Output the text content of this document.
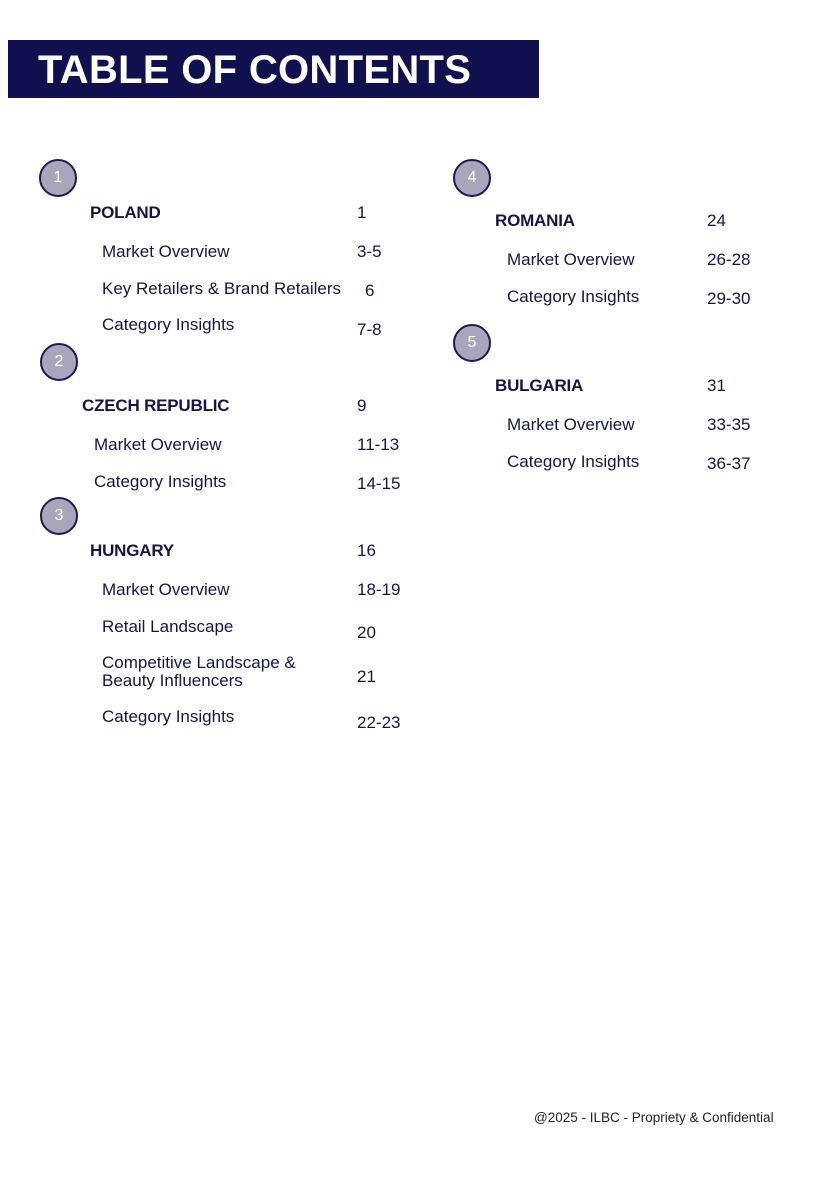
TABLE OF CONTENTS
1
POLAND	1
Market Overview	3-5
Key Retailers & Brand Retailers 6
Category Insights	7-8
2
CZECH REPUBLIC	9
Market Overview	11-13
Category Insights	14-15
3
HUNGARY	16
Market Overview	18-19
Retail Landscape	20
Competitive Landscape &
Beauty Influencers	21
Category Insights	22-23
4
ROMANIA	24
Market Overview	26-28
Category Insights	29-30
5
BULGARIA	31
Market Overview	33-35
Category Insights	36-37
@2025 - ILBC - Propriety & Confidential
